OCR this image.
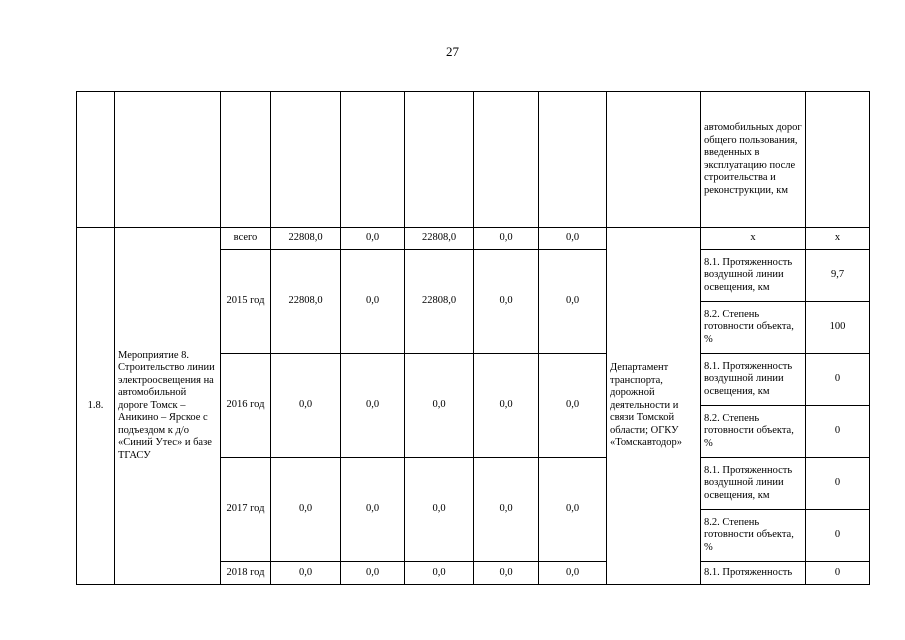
27
									автомобильных дорог общего пользования, введенных в эксплуатацию после строительства и реконструкции, км	
1.8.	Мероприятие 8. Строительство линии электроосвещения на автомобильной дороге Томск – Аникино – Ярское с подъездом к д/о «Синий Утес» и базе ТГАСУ	всего	22808,0	0,0	22808,0	0,0	0,0	Департамент транспорта, дорожной деятельности и связи Томской области; ОГКУ «Томскавтодор»	x	x
		2015 год	22808,0	0,0	22808,0	0,0	0,0		8.1. Протяженность воздушной линии освещения, км	9,7
									8.2. Степень готовности объекта, %	100
		2016 год	0,0	0,0	0,0	0,0	0,0		8.1. Протяженность воздушной линии освещения, км	0
									8.2. Степень готовности объекта, %	0
		2017 год	0,0	0,0	0,0	0,0	0,0		8.1. Протяженность воздушной линии освещения, км	0
									8.2. Степень готовности объекта, %	0
		2018 год	0,0	0,0	0,0	0,0	0,0		8.1. Протяженность	0
